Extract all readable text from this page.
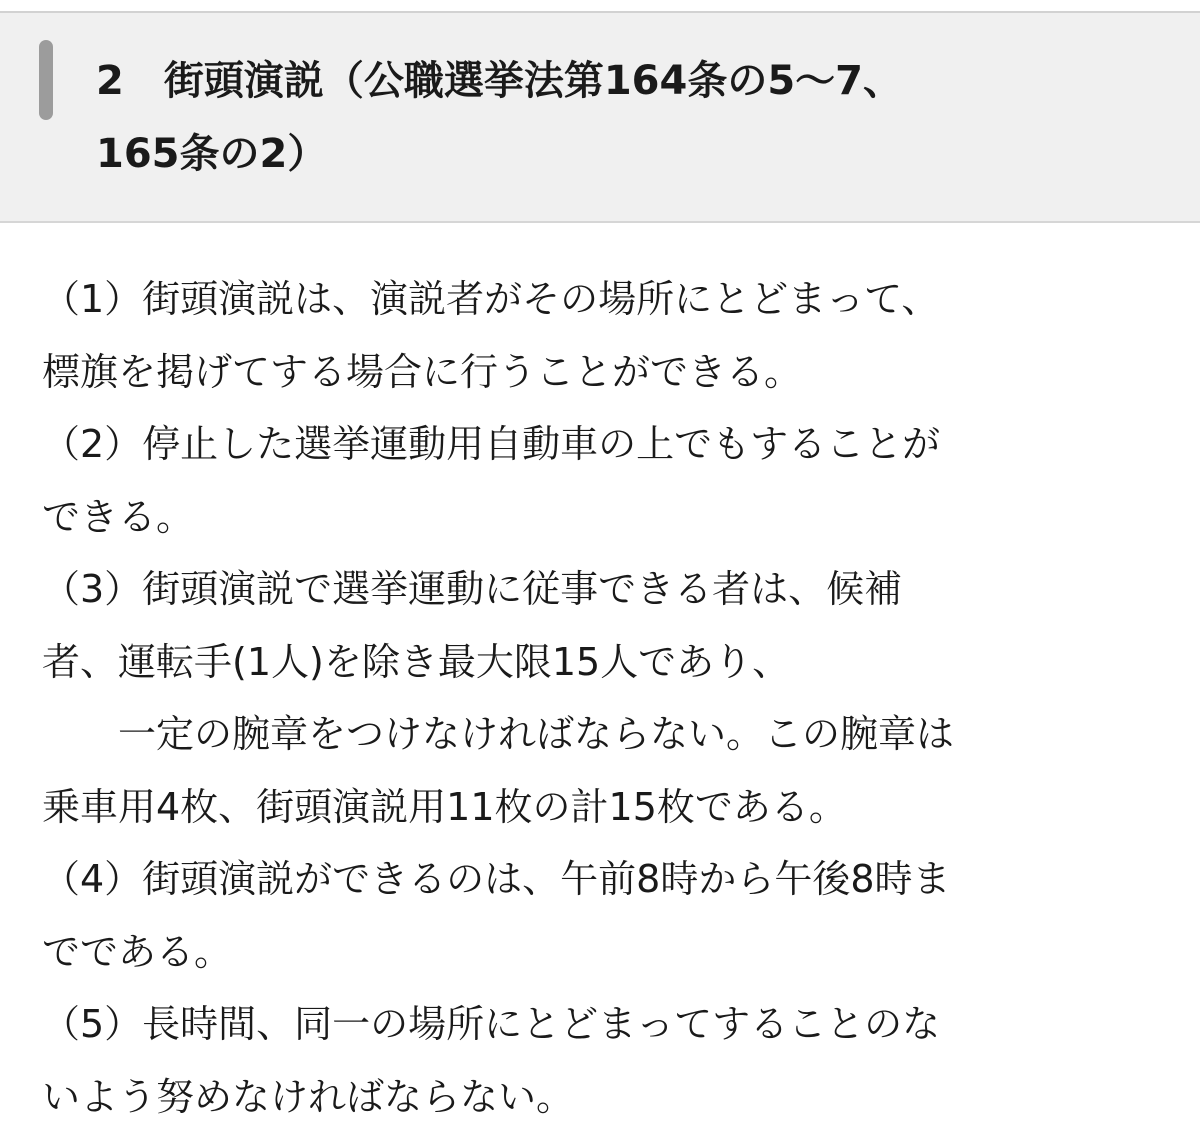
2　街頭演説（公職選挙法第164条の5〜7、
165条の2）
（1）街頭演説は、演説者がその場所にとどまって、
標旗を掲げてする場合に行うことができる。
（2）停止した選挙運動用自動車の上でもすることが
できる。
（3）街頭演説で選挙運動に従事できる者は、候補
者、運転手(1人)を除き最大限15人であり、
　　一定の腕章をつけなければならない。この腕章は
乗車用4枚、街頭演説用11枚の計15枚である。
（4）街頭演説ができるのは、午前8時から午後8時ま
でである。
（5）長時間、同一の場所にとどまってすることのな
いよう努めなければならない。
